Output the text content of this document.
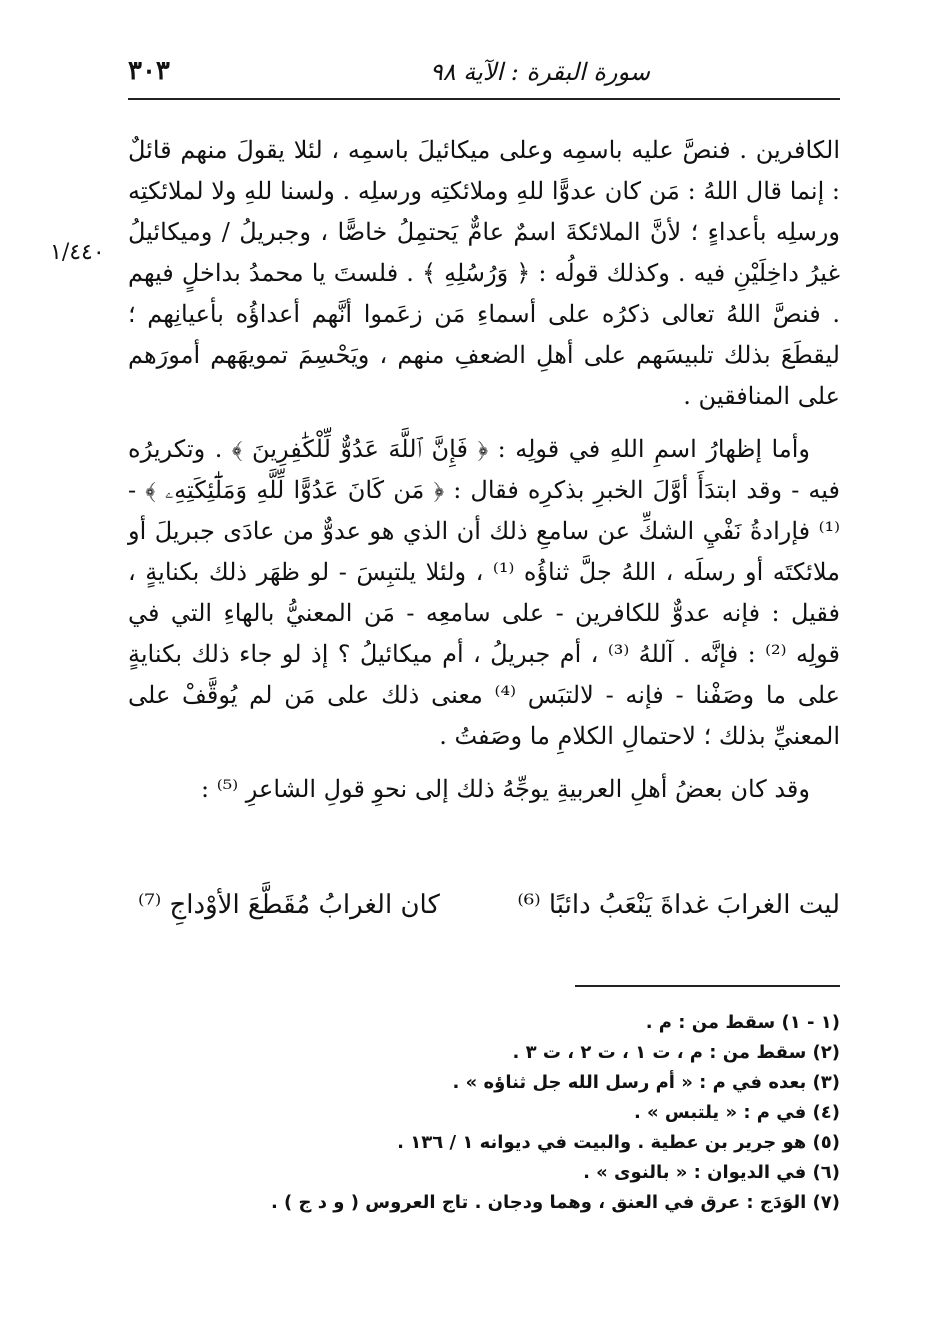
سورة البقرة : الآية ٩٨
٣٠٣
١/٤٤٠

الكافرين . فنصَّ عليه باسمِه وعلى ميكائيلَ باسمِه ، لئلا يقولَ منهم قائلٌ : إنما قال اللهُ : مَن كان عدوًّا للهِ وملائكتِه ورسلِه . ولسنا للهِ ولا لملائكتِه ورسلِه بأعداءٍ ؛ لأنَّ الملائكةَ اسمٌ عامٌّ يَحتمِلُ خاصًّا ، وجبريلُ / وميكائيلُ غيرُ داخِلَيْنِ فيه . وكذلك قولُه : ﴿ وَرُسُلِهِ ﴾ . فلستَ يا محمدُ بداخلٍ فيهم . فنصَّ اللهُ تعالى ذكرُه على أسماءِ مَن زعَموا أنَّهم أعداؤُه بأعيانِهم ؛ ليقطَعَ بذلك تلبيسَهم على أهلِ الضعفِ منهم ، ويَحْسِمَ تمويهَهم أمورَهم على المنافقين .

وأما إظهارُ اسمِ اللهِ في قولِه : ﴿ فَإِنَّ ٱللَّهَ عَدُوٌّ لِّلْكَٰفِرِينَ ﴾ . وتكريرُه فيه - وقد ابتدَأَ أوَّلَ الخبرِ بذكرِه فقال : ﴿ مَن كَانَ عَدُوًّا لِّلَّهِ وَمَلَٰٓئِكَتِهِۦ ﴾ - ⁽¹⁾ فإرادةُ نَفْيِ الشكِّ عن سامعِ ذلك أن الذي هو عدوٌّ من عادَى جبريلَ أو ملائكتَه أو رسلَه ، اللهُ جلَّ ثناؤُه ⁽¹⁾ ، ولئلا يلتبِسَ - لو ظهَر ذلك بكنايةٍ ، فقيل : فإنه عدوٌّ للكافرين - على سامعِه - مَن المعنيُّ بالهاءِ التي في قولِه ⁽²⁾ : فإنَّه . آللهُ ⁽³⁾ ، أم جبريلُ ، أم ميكائيلُ ؟ إذ لو جاء ذلك بكنايةٍ على ما وصَفْنا - فإنه - لالتبَس ⁽⁴⁾ معنى ذلك على مَن لم يُوقَّفْ على المعنيِّ بذلك ؛ لاحتمالِ الكلامِ ما وصَفتُ .

وقد كان بعضُ أهلِ العربيةِ يوجِّهُ ذلك إلى نحوِ قولِ الشاعرِ ⁽⁵⁾ :

ليت الغرابَ غداةَ يَنْعَبُ دائبًا ⁽⁶⁾
كان الغرابُ مُقَطَّعَ الأوْداجِ ⁽⁷⁾

(١ - ١) سقط من : م .

(٢) سقط من : م ، ت ١ ، ت ٢ ، ت ٣ .

(٣) بعده في م : « أم رسل الله جل ثناؤه » .

(٤) في م : « يلتبس » .

(٥) هو جرير بن عطية . والبيت في ديوانه ١ / ١٣٦ .

(٦) في الديوان : « بالنوى » .

(٧) الوَدَج : عرق في العنق ، وهما ودجان . تاج العروس ( و د ج ) .
